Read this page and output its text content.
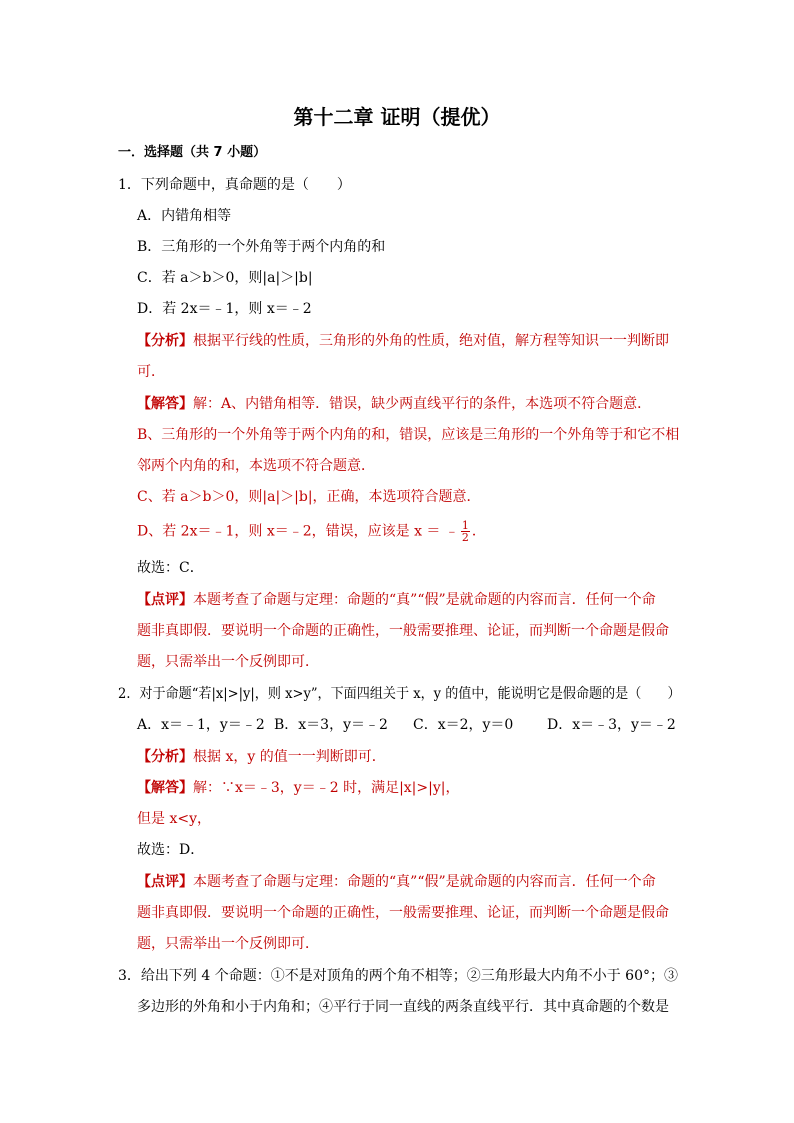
第十二章 证明（提优）
一．选择题（共 7 小题）
1．下列命题中，真命题的是（　　）
A．内错角相等
B．三角形的一个外角等于两个内角的和
C．若 a＞b＞0，则|a|＞|b|
D．若 2x＝﹣1，则 x＝﹣2
【分析】根据平行线的性质，三角形的外角的性质，绝对值，解方程等知识一一判断即
可．
【解答】解：A、内错角相等．错误，缺少两直线平行的条件，本选项不符合题意．
B、三角形的一个外角等于两个内角的和，错误，应该是三角形的一个外角等于和它不相
邻两个内角的和，本选项不符合题意．
C、若 a＞b＞0，则|a|＞|b|，正确，本选项符合题意．
D、若 2x＝﹣1，则 x＝﹣2，错误，应该是 x ＝ ﹣ $\frac{1}{2}$ ．
故选：C．
【点评】本题考查了命题与定理：命题的“真”“假”是就命题的内容而言．任何一个命
题非真即假．要说明一个命题的正确性，一般需要推理、论证，而判断一个命题是假命
题，只需举出一个反例即可．
2．对于命题“若|x|>|y|，则 x>y”，下面四组关于 x，y 的值中，能说明它是假命题的是（　　）
A．x＝﹣1，y＝﹣2 B．x＝3，y＝﹣2 C．x＝2，y＝0 D．x＝﹣3，y＝﹣2
【分析】根据 x，y 的值一一判断即可．
【解答】解：∵x＝﹣3，y＝﹣2 时，满足|x|>|y|，
但是 x<y，
故选：D．
【点评】本题考查了命题与定理：命题的“真”“假”是就命题的内容而言．任何一个命
题非真即假．要说明一个命题的正确性，一般需要推理、论证，而判断一个命题是假命
题，只需举出一个反例即可．
3．给出下列 4 个命题：①不是对顶角的两个角不相等；②三角形最大内角不小于 60°；③
多边形的外角和小于内角和；④平行于同一直线的两条直线平行．其中真命题的个数是
